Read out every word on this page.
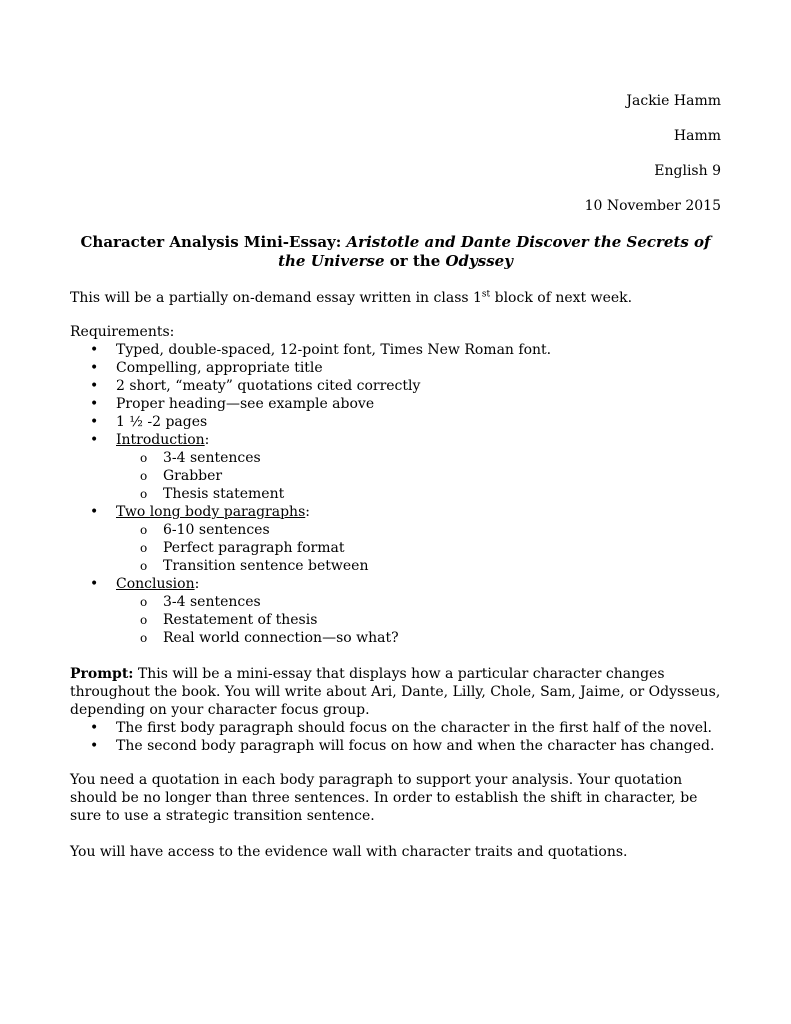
Jackie Hamm
Hamm
English 9
10 November 2015
Character Analysis Mini-Essay: Aristotle and Dante Discover the Secrets of the Universe or the Odyssey
This will be a partially on-demand essay written in class 1st block of next week.
Requirements:
• Typed, double-spaced, 12-point font, Times New Roman font.
• Compelling, appropriate title
• 2 short, “meaty” quotations cited correctly
• Proper heading—see example above
• 1 ½ -2 pages
• Introduction:
o 3-4 sentences
o Grabber
o Thesis statement
• Two long body paragraphs:
o 6-10 sentences
o Perfect paragraph format
o Transition sentence between
• Conclusion:
o 3-4 sentences
o Restatement of thesis
o Real world connection—so what?
Prompt: This will be a mini-essay that displays how a particular character changes throughout the book. You will write about Ari, Dante, Lilly, Chole, Sam, Jaime, or Odysseus, depending on your character focus group.
• The first body paragraph should focus on the character in the first half of the novel.
• The second body paragraph will focus on how and when the character has changed.
You need a quotation in each body paragraph to support your analysis. Your quotation should be no longer than three sentences. In order to establish the shift in character, be sure to use a strategic transition sentence.
You will have access to the evidence wall with character traits and quotations.
